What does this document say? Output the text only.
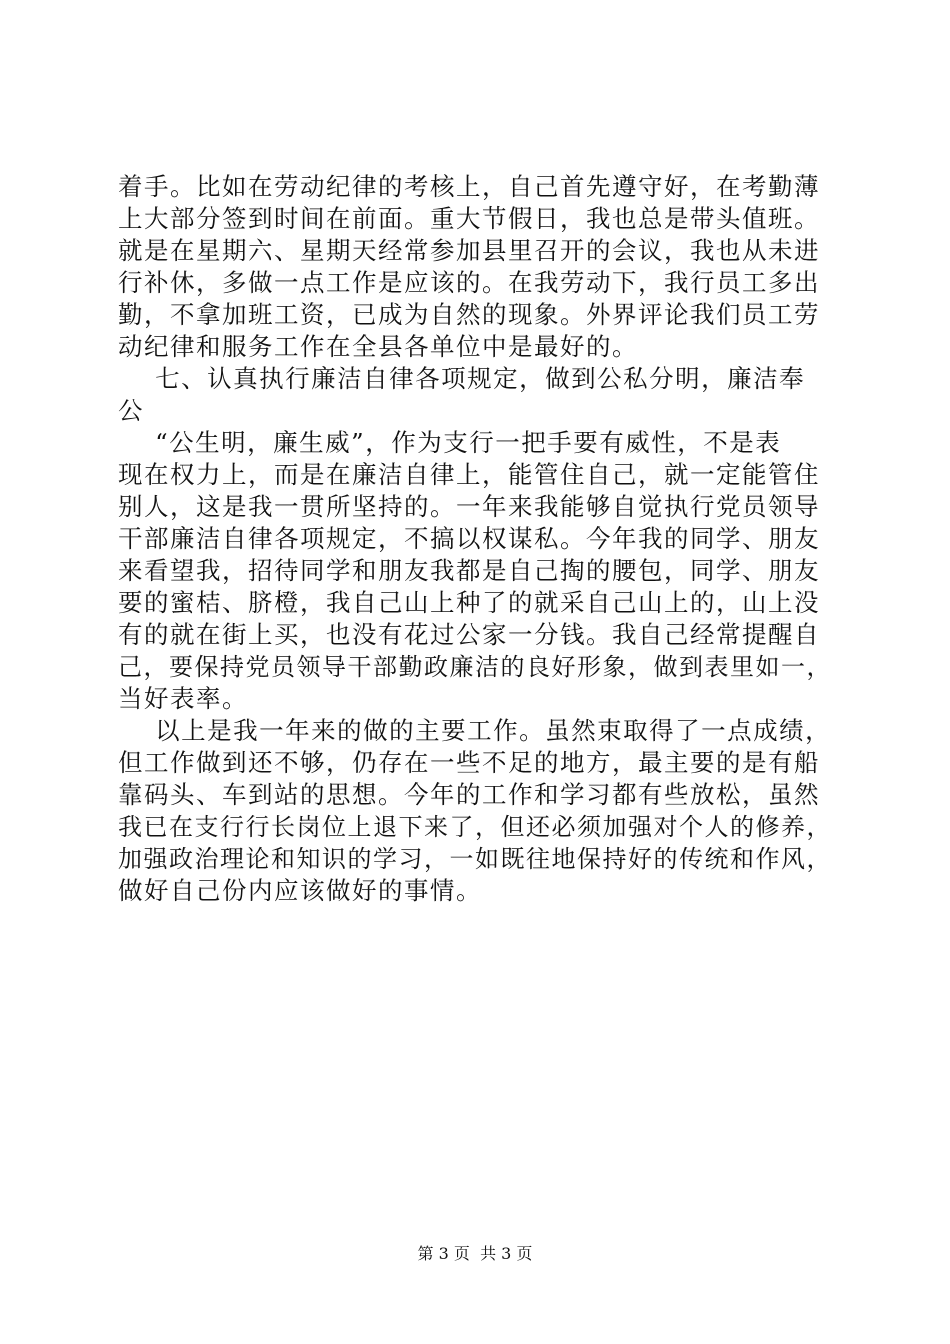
着手。比如在劳动纪律的考核上，自己首先遵守好，在考勤薄
上大部分签到时间在前面。重大节假日，我也总是带头值班。
就是在星期六、星期天经常参加县里召开的会议，我也从未进
行补休，多做一点工作是应该的。在我劳动下，我行员工多出
勤，不拿加班工资，已成为自然的现象。外界评论我们员工劳
动纪律和服务工作在全县各单位中是最好的。
七、认真执行廉洁自律各项规定，做到公私分明，廉洁奉
公
“公生明，廉生威”，作为支行一把手要有威性，不是表
现在权力上，而是在廉洁自律上，能管住自己，就一定能管住
别人，这是我一贯所坚持的。一年来我能够自觉执行党员领导
干部廉洁自律各项规定，不搞以权谋私。今年我的同学、朋友
来看望我，招待同学和朋友我都是自己掏的腰包，同学、朋友
要的蜜桔、脐橙，我自己山上种了的就采自己山上的，山上没
有的就在街上买，也没有花过公家一分钱。我自己经常提醒自
己，要保持党员领导干部勤政廉洁的良好形象，做到表里如一，
当好表率。
以上是我一年来的做的主要工作。虽然束取得了一点成绩，
但工作做到还不够，仍存在一些不足的地方，最主要的是有船
靠码头、车到站的思想。今年的工作和学习都有些放松，虽然
我已在支行行长岗位上退下来了，但还必须加强对个人的修养，
加强政治理论和知识的学习，一如既往地保持好的传统和作风，
做好自己份内应该做好的事情。
第 3 页  共 3 页
